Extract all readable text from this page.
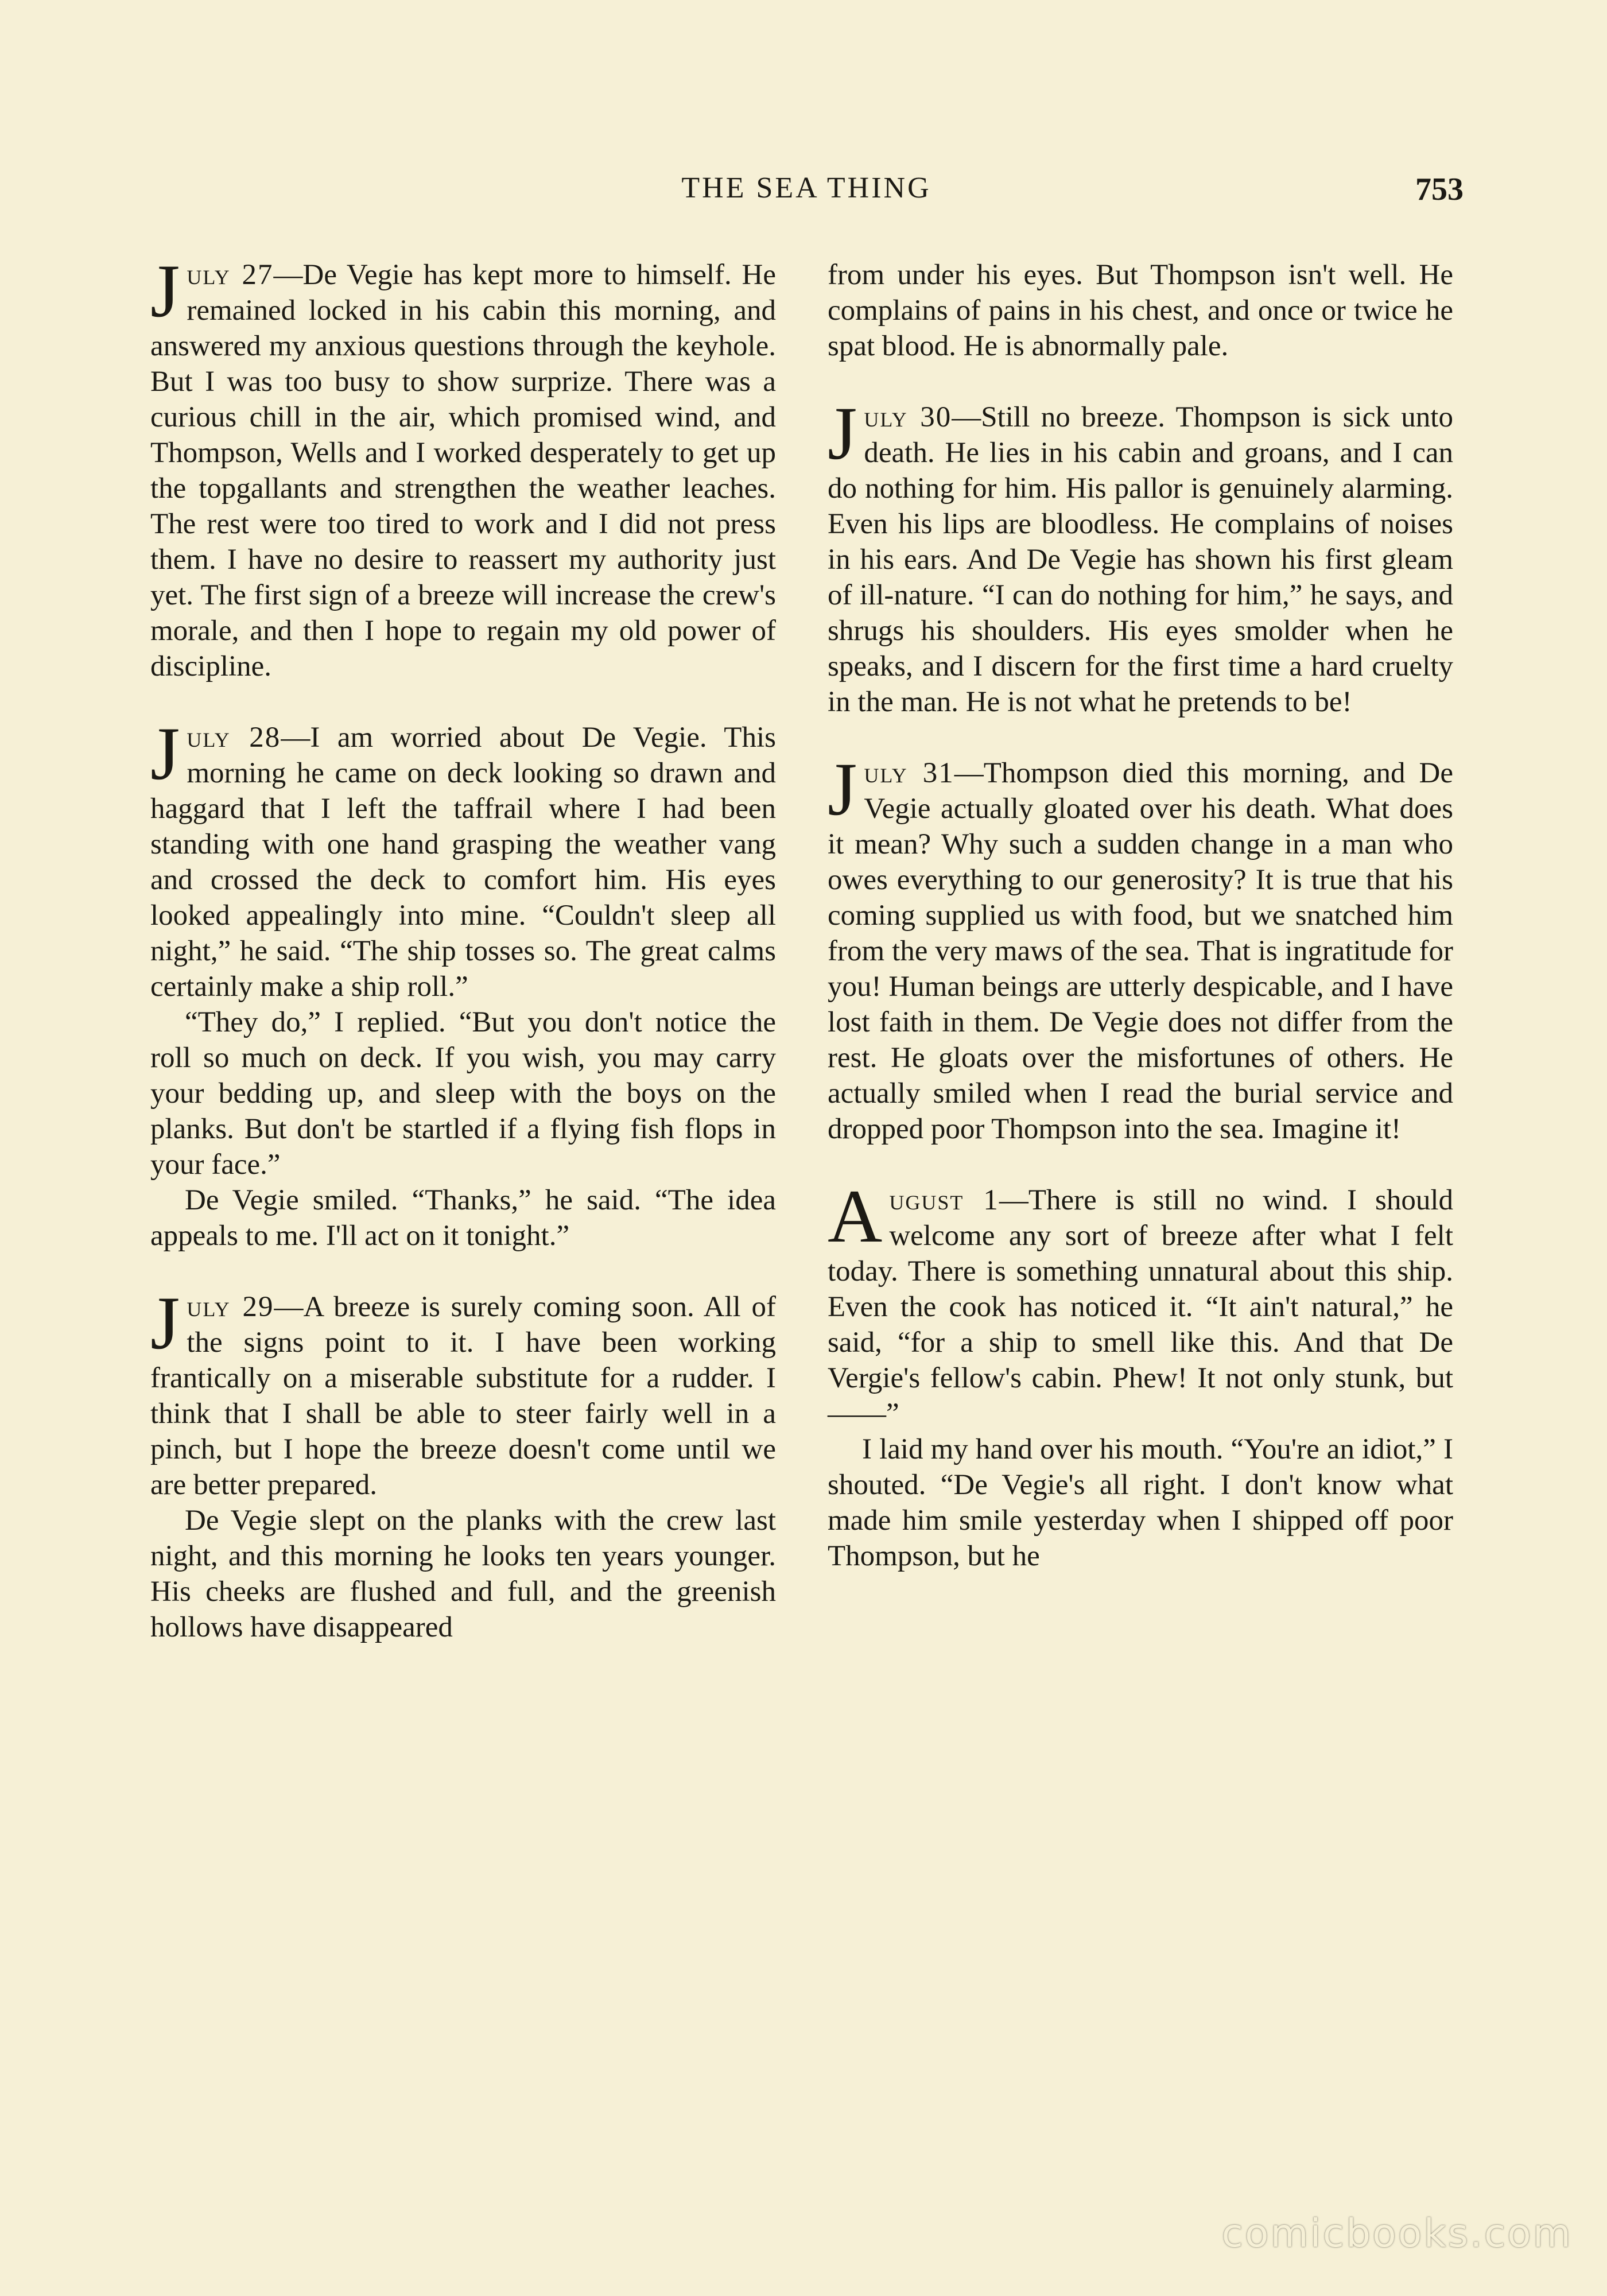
THE SEA THING	753

July 27—De Vegie has kept more to himself. He remained locked in his cabin this morning, and answered my anxious questions through the keyhole. But I was too busy to show surprize. There was a curious chill in the air, which promised wind, and Thompson, Wells and I worked desperately to get up the topgallants and strengthen the weather leaches. The rest were too tired to work and I did not press them. I have no desire to reassert my authority just yet. The first sign of a breeze will increase the crew's morale, and then I hope to regain my old power of discipline.

July 28—I am worried about De Vegie. This morning he came on deck looking so drawn and haggard that I left the taffrail where I had been standing with one hand grasping the weather vang and crossed the deck to comfort him. His eyes looked appealingly into mine. “Couldn't sleep all night,” he said. “The ship tosses so. The great calms certainly make a ship roll.”

“They do,” I replied. “But you don't notice the roll so much on deck. If you wish, you may carry your bedding up, and sleep with the boys on the planks. But don't be startled if a flying fish flops in your face.”

De Vegie smiled. “Thanks,” he said. “The idea appeals to me. I'll act on it tonight.”

July 29—A breeze is surely coming soon. All of the signs point to it. I have been working frantically on a miserable substitute for a rudder. I think that I shall be able to steer fairly well in a pinch, but I hope the breeze doesn't come until we are better prepared.

De Vegie slept on the planks with the crew last night, and this morning he looks ten years younger. His cheeks are flushed and full, and the greenish hollows have disappeared

from under his eyes. But Thompson isn't well. He complains of pains in his chest, and once or twice he spat blood. He is abnormally pale.

July 30—Still no breeze. Thompson is sick unto death. He lies in his cabin and groans, and I can do nothing for him. His pallor is genuinely alarming. Even his lips are bloodless. He complains of noises in his ears. And De Vegie has shown his first gleam of ill-nature. “I can do nothing for him,” he says, and shrugs his shoulders. His eyes smolder when he speaks, and I discern for the first time a hard cruelty in the man. He is not what he pretends to be!

July 31—Thompson died this morning, and De Vegie actually gloated over his death. What does it mean? Why such a sudden change in a man who owes everything to our generosity? It is true that his coming supplied us with food, but we snatched him from the very maws of the sea. That is ingratitude for you! Human beings are utterly despicable, and I have lost faith in them. De Vegie does not differ from the rest. He gloats over the misfortunes of others. He actually smiled when I read the burial service and dropped poor Thompson into the sea. Imagine it!

August 1—There is still no wind. I should welcome any sort of breeze after what I felt today. There is something unnatural about this ship. Even the cook has noticed it. “It ain't natural,” he said, “for a ship to smell like this. And that De Vergie's fellow's cabin. Phew! It not only stunk, but——”

I laid my hand over his mouth. “You're an idiot,” I shouted. “De Vegie's all right. I don't know what made him smile yesterday when I shipped off poor Thompson, but he

comicbooks.com
